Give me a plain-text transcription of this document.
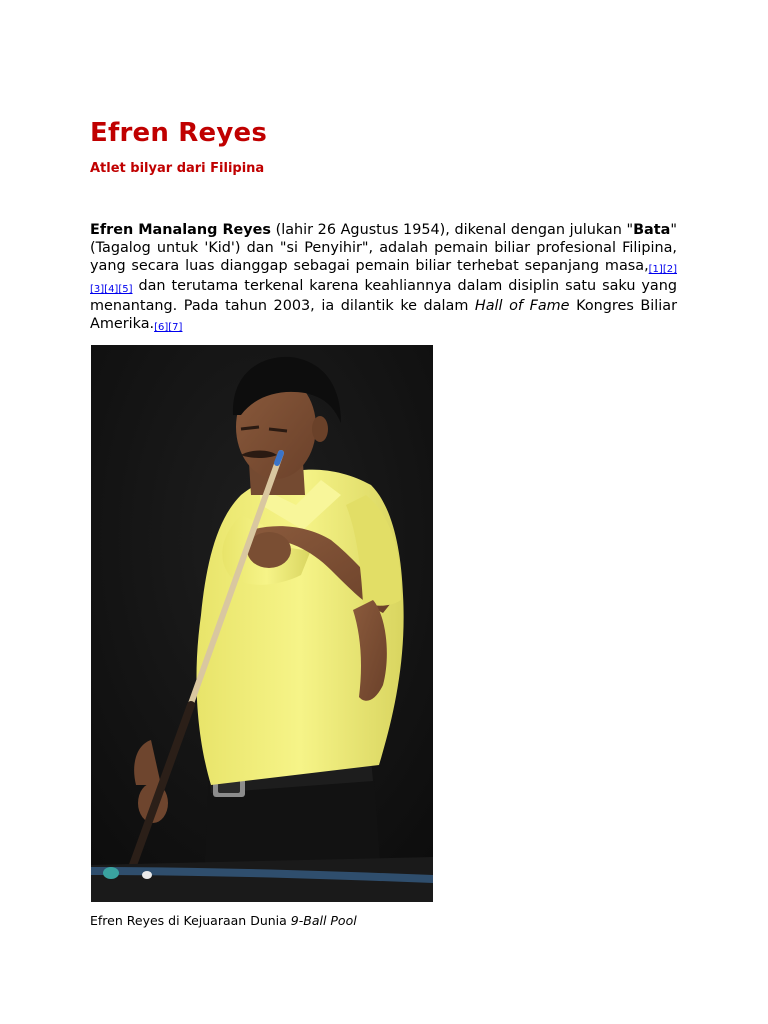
Efren Reyes
Atlet bilyar dari Filipina

Efren Manalang Reyes (lahir 26 Agustus 1954), dikenal dengan julukan "Bata" (Tagalog untuk 'Kid') dan "si Penyihir", adalah pemain biliar profesional Filipina, yang secara luas dianggap sebagai pemain biliar terhebat sepanjang masa,[1][2][3][4][5] dan terutama terkenal karena keahliannya dalam disiplin satu saku yang menantang. Pada tahun 2003, ia dilantik ke dalam Hall of Fame Kongres Biliar Amerika.[6][7]

Efren Reyes di Kejuaraan Dunia 9-Ball Pool
